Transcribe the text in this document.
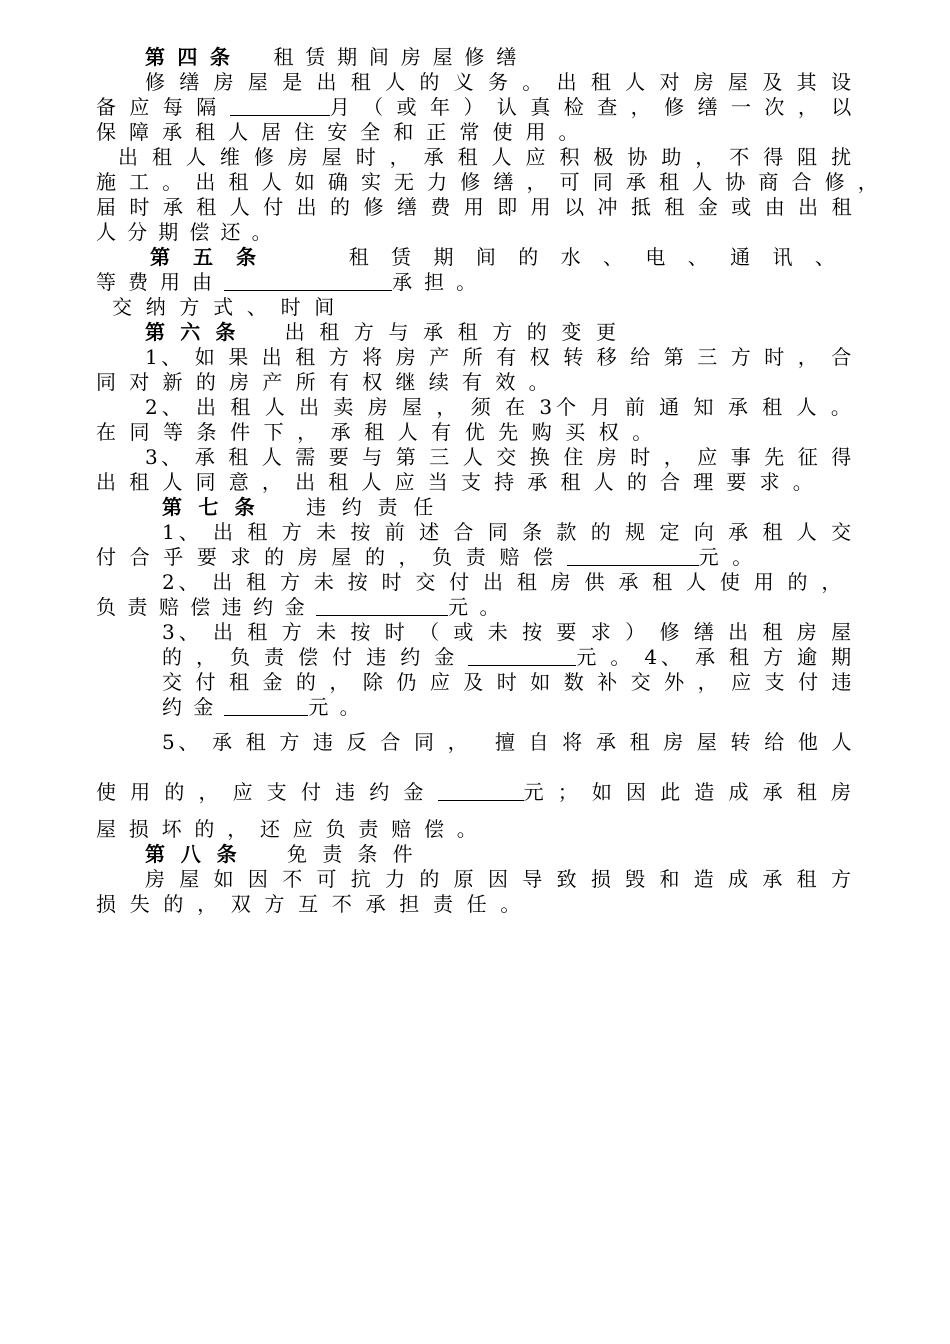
第 四 条 　 租 赁 期 间 房 屋 修 缮

修 缮 房 屋 是 出 租 人 的 义 务 。 出 租 人 对 房 屋 及 其 设

备 应 每 隔	月 （ 或 年 ） 认 真 检 查 ， 修 缮 一 次 ， 以

保 障 承 租 人 居 住 安 全 和 正 常 使 用 。

出 租 人 维 修 房 屋 时 ， 承 租 人 应 积 极 协 助 ， 不 得 阻 扰

施 工 。 出 租 人 如 确 实 无 力 修 缮 ， 可 同 承 租 人 协 商 合 修 ，

届 时 承 租 人 付 出 的 修 缮 费 用 即 用 以 冲 抵 租 金 或 由 出 租

人 分 期 偿 还 。

第 五 条 　　 租 赁 期 间 的 水 、 电 、 通 讯 、

等 费 用 由	承 担 。

交 纳 方 式 、 时 间

第 六 条 　 出 租 方 与 承 租 方 的 变 更

1、 如 果 出 租 方 将 房 产 所 有 权 转 移 给 第 三 方 时 ， 合

同 对 新 的 房 产 所 有 权 继 续 有 效 。

2、 出 租 人 出 卖 房 屋 ， 须 在 3个 月 前 通 知 承 租 人 。

在 同 等 条 件 下 ， 承 租 人 有 优 先 购 买 权 。

3、 承 租 人 需 要 与 第 三 人 交 换 住 房 时 ， 应 事 先 征 得

出 租 人 同 意 ， 出 租 人 应 当 支 持 承 租 人 的 合 理 要 求 。

第 七 条 　 违 约 责 任

1、 出 租 方 未 按 前 述 合 同 条 款 的 规 定 向 承 租 人 交

付 合 乎 要 求 的 房 屋 的 ， 负 责 赔 偿	元 。

2、 出 租 方 未 按 时 交 付 出 租 房 供 承 租 人 使 用 的 ，

负 责 赔 偿 违 约 金	元 。

3、 出 租 方 未 按 时 （ 或 未 按 要 求 ） 修 缮 出 租 房 屋

的 ， 负 责 偿 付 违 约 金	元 。 4、 承 租 方 逾 期

交 付 租 金 的 ， 除 仍 应 及 时 如 数 补 交 外 ， 应 支 付 违

约 金	元 。

5、 承 租 方 违 反 合 同 ，　 擅 自 将 承 租 房 屋 转 给 他 人

使 用 的 ， 应 支 付 违 约 金	元 ； 如 因 此 造 成 承 租 房

屋 损 坏 的 ， 还 应 负 责 赔 偿 。

第 八 条 　 免 责 条 件

房 屋 如 因 不 可 抗 力 的 原 因 导 致 损 毁 和 造 成 承 租 方

损 失 的 ， 双 方 互 不 承 担 责 任 。
